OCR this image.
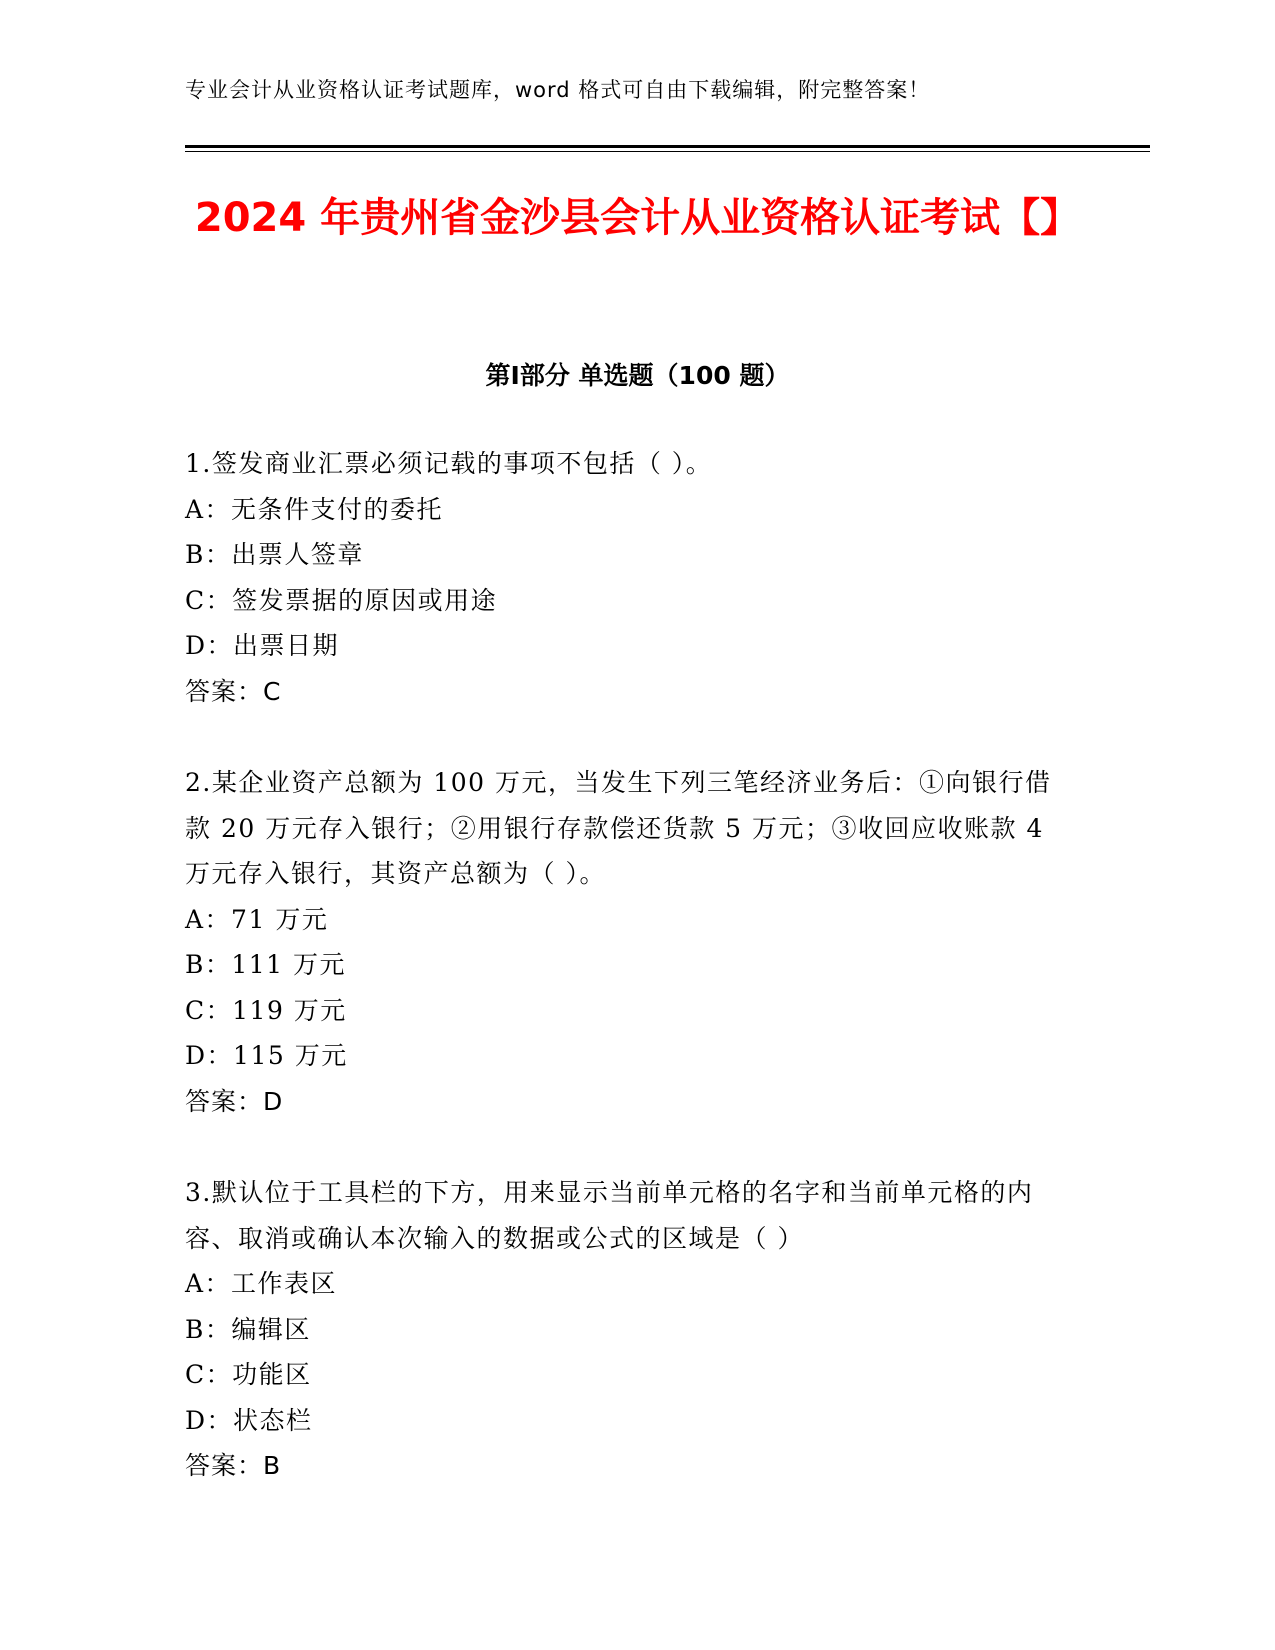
专业会计从业资格认证考试题库，word 格式可自由下载编辑，附完整答案！
2024 年贵州省金沙县会计从业资格认证考试【】
第Ⅰ部分 单选题（100 题）
1.签发商业汇票必须记载的事项不包括（ ）。
A：无条件支付的委托
B：出票人签章
C：签发票据的原因或用途
D：出票日期
答案：C
2.某企业资产总额为 100 万元，当发生下列三笔经济业务后：①向银行借款 20 万元存入银行；②用银行存款偿还货款 5 万元；③收回应收账款 4 万元存入银行，其资产总额为（ ）。
A：71 万元
B：111 万元
C：119 万元
D：115 万元
答案：D
3.默认位于工具栏的下方，用来显示当前单元格的名字和当前单元格的内容、取消或确认本次输入的数据或公式的区域是（ ）
A：工作表区
B：编辑区
C：功能区
D：状态栏
答案：B
